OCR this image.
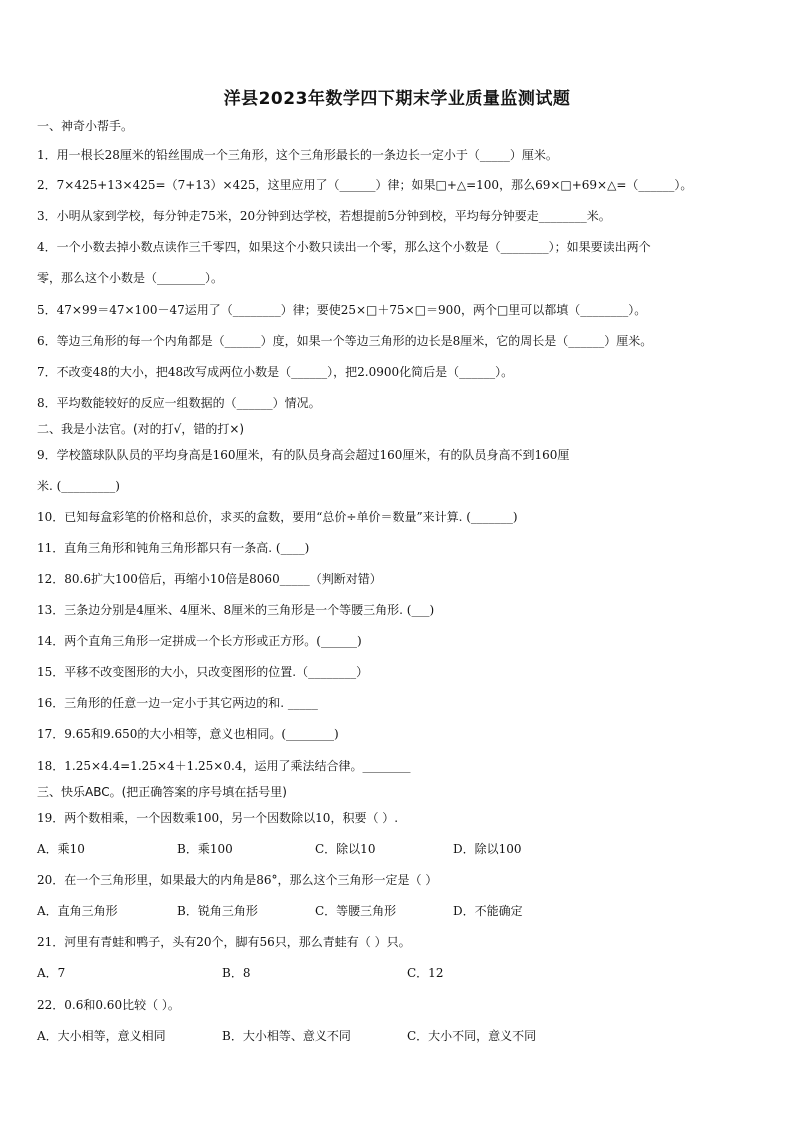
洋县2023年数学四下期末学业质量监测试题
一、神奇小帮手。
1．用一根长28厘米的铅丝围成一个三角形，这个三角形最长的一条边长一定小于（_____）厘米。
2．7×425+13×425=（7+13）×425，这里应用了（______）律；如果□+△=100，那么69×□+69×△=（______）。
3．小明从家到学校，每分钟走75米，20分钟到达学校，若想提前5分钟到校，平均每分钟要走________米。
4．一个小数去掉小数点读作三千零四，如果这个小数只读出一个零，那么这个小数是（________）；如果要读出两个
零，那么这个小数是（________）。
5．47×99＝47×100－47运用了（________）律；要使25×□＋75×□＝900，两个□里可以都填（________）。
6．等边三角形的每一个内角都是（______）度，如果一个等边三角形的边长是8厘米，它的周长是（______）厘米。
7．不改变48的大小，把48改写成两位小数是（______），把2.0900化简后是（______）。
8．平均数能较好的反应一组数据的（______）情况。
二、我是小法官。(对的打√，错的打×)
9．学校篮球队队员的平均身高是160厘米，有的队员身高会超过160厘米，有的队员身高不到160厘
米. (_________)
10．已知每盒彩笔的价格和总价，求买的盒数，要用“总价÷单价＝数量”来计算. (_______)
11．直角三角形和钝角三角形都只有一条高. (____)
12．80.6扩大100倍后，再缩小10倍是8060_____（判断对错）
13．三条边分别是4厘米、4厘米、8厘米的三角形是一个等腰三角形. (___)
14．两个直角三角形一定拼成一个长方形或正方形。(______)
15．平移不改变图形的大小，只改变图形的位置.（________）
16．三角形的任意一边一定小于其它两边的和. _____
17．9.65和9.650的大小相等，意义也相同。(________)
18．1.25×4.4=1.25×4＋1.25×0.4，运用了乘法结合律。________
三、快乐ABC。(把正确答案的序号填在括号里)
19．两个数相乘，一个因数乘100，另一个因数除以10，积要（ ）.
A．乘10	B．乘100	C．除以10	D．除以100
20．在一个三角形里，如果最大的内角是86°，那么这个三角形一定是（ ）
A．直角三角形	B．锐角三角形	C．等腰三角形	D．不能确定
21．河里有青蛙和鸭子，头有20个，脚有56只，那么青蛙有（ ）只。
A．7	B．8	C．12
22．0.6和0.60比较（ ）。
A．大小相等，意义相同	B．大小相等、意义不同	C．大小不同，意义不同
